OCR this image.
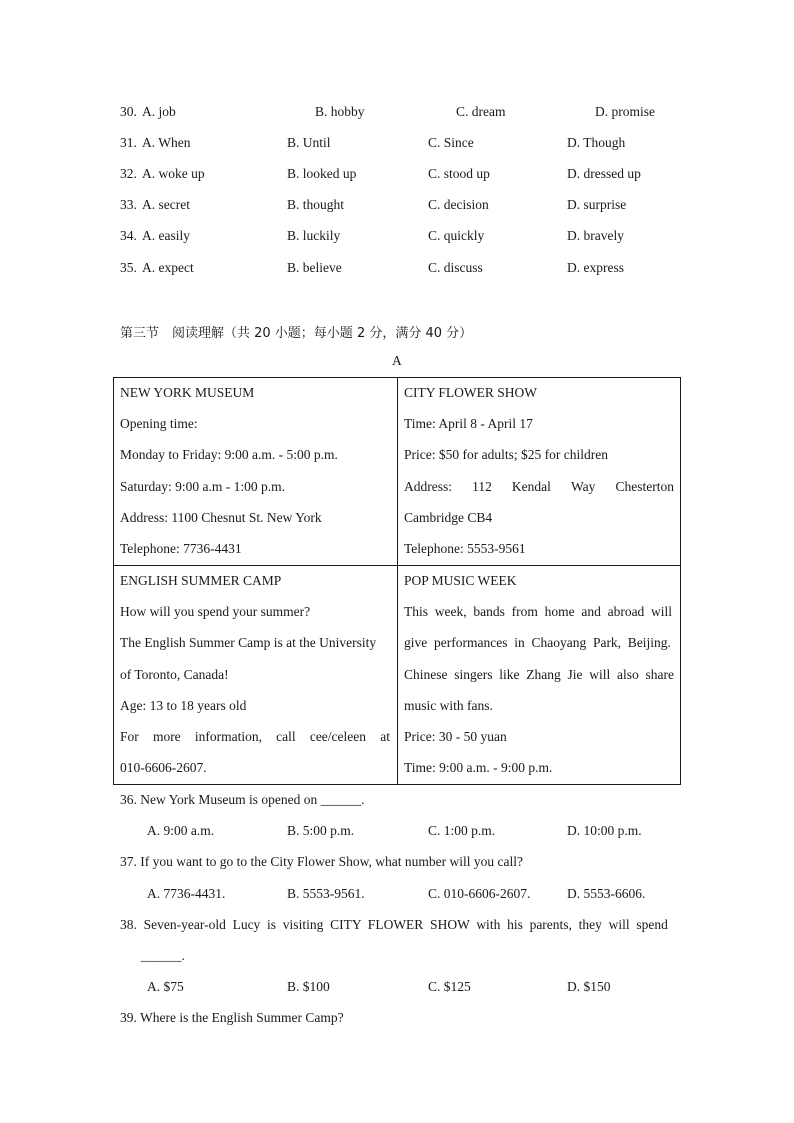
30. A. job	B. hobby	C. dream	D. promise
31. A. When	B. Until	C. Since	D. Though
32. A. woke up	B. looked up	C. stood up	D. dressed up
33. A. secret	B. thought	C. decision	D. surprise
34. A. easily	B. luckily	C. quickly	D. bravely
35. A. expect	B. believe	C. discuss	D. express
第三节　阅读理解（共 20 小题；每小题 2 分，满分 40 分）
A

NEW YORK MUSEUM
Opening time:
Monday to Friday: 9:00 a.m. - 5:00 p.m.
Saturday: 9:00 a.m - 1:00 p.m.
Address: 1100 Chesnut St. New York
Telephone: 7736-4431
CITY FLOWER SHOW
Time: April 8 - April 17
Price: $50 for adults; $25 for children
Address: 112 Kendal Way Chesterton
Cambridge CB4
Telephone: 5553-9561
ENGLISH SUMMER CAMP
How will you spend your summer?
The English Summer Camp is at the University
of Toronto, Canada!
Age: 13 to 18 years old
For more information, call cee/celeen at
010-6606-2607.
POP MUSIC WEEK
This  week,  bands  from  home  and  abroad  will
give  performances  in  Chaoyang  Park,  Beijing.
Chinese  singers  like  Zhang  Jie  will  also  share
music with fans.
Price: 30 - 50 yuan
Time: 9:00 a.m. - 9:00 p.m.
36. New York Museum is opened on ______.
A. 9:00 a.m.	B. 5:00 p.m.	C. 1:00 p.m.	D. 10:00 p.m.
37. If you want to go to the City Flower Show, what number will you call?
A. 7736-4431.	B. 5553-9561.	C. 010-6606-2607.	D. 5553-6606.
38.  Seven-year-old  Lucy  is  visiting  CITY  FLOWER  SHOW  with  his  parents,  they  will  spend
______.
A. $75	B. $100	C. $125	D. $150
39. Where is the English Summer Camp?
